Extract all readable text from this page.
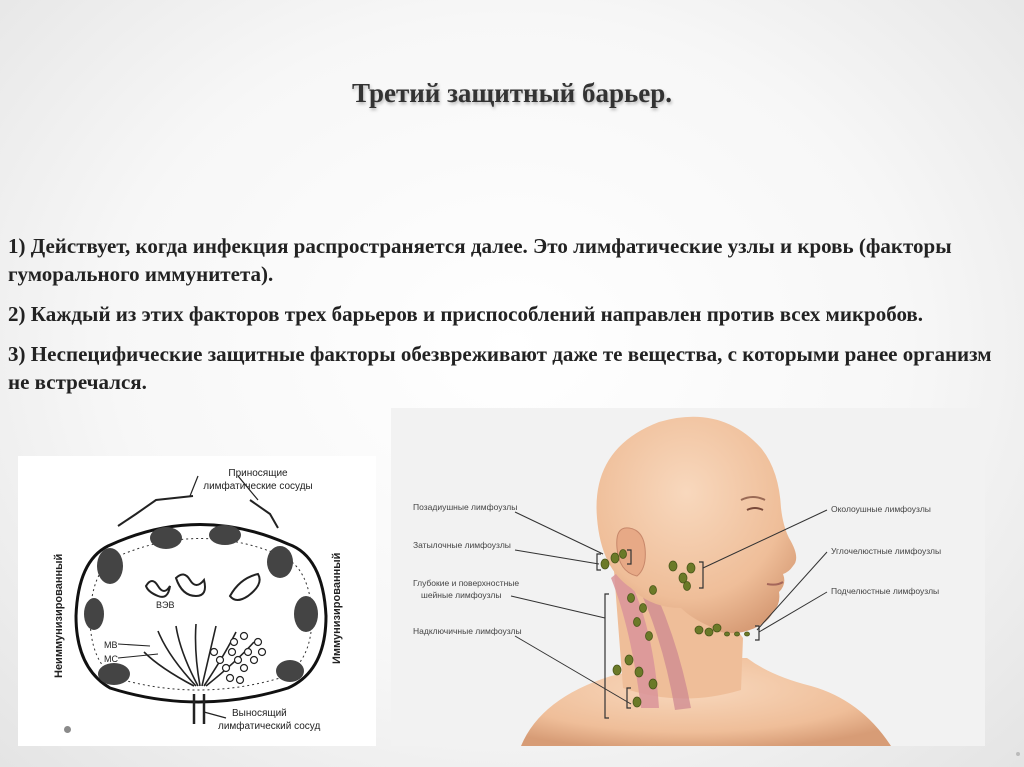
Третий защитный барьер.

1) Действует, когда инфекция распространяется далее. Это лимфатические узлы и кровь (факторы гуморального иммунитета).

2) Каждый из этих факторов трех барьеров и приспособлений направлен против всех микробов.

3) Неспецифические защитные факторы обезвреживают даже те вещества, с которыми ранее организм не встречался.

Приносящие
лимфатические сосуды
Неиммунизированный	Иммунизированный
ВЭВ
МВ
МС
Выносящий
лимфатический сосуд
Позадиушные лимфоузлы
Затылочные лимфоузлы
Глубокие и поверхностные
шейные лимфоузлы
Надключичные лимфоузлы
Околоушные лимфоузлы
Углочелюстные лимфоузлы
Подчелюстные лимфоузлы
